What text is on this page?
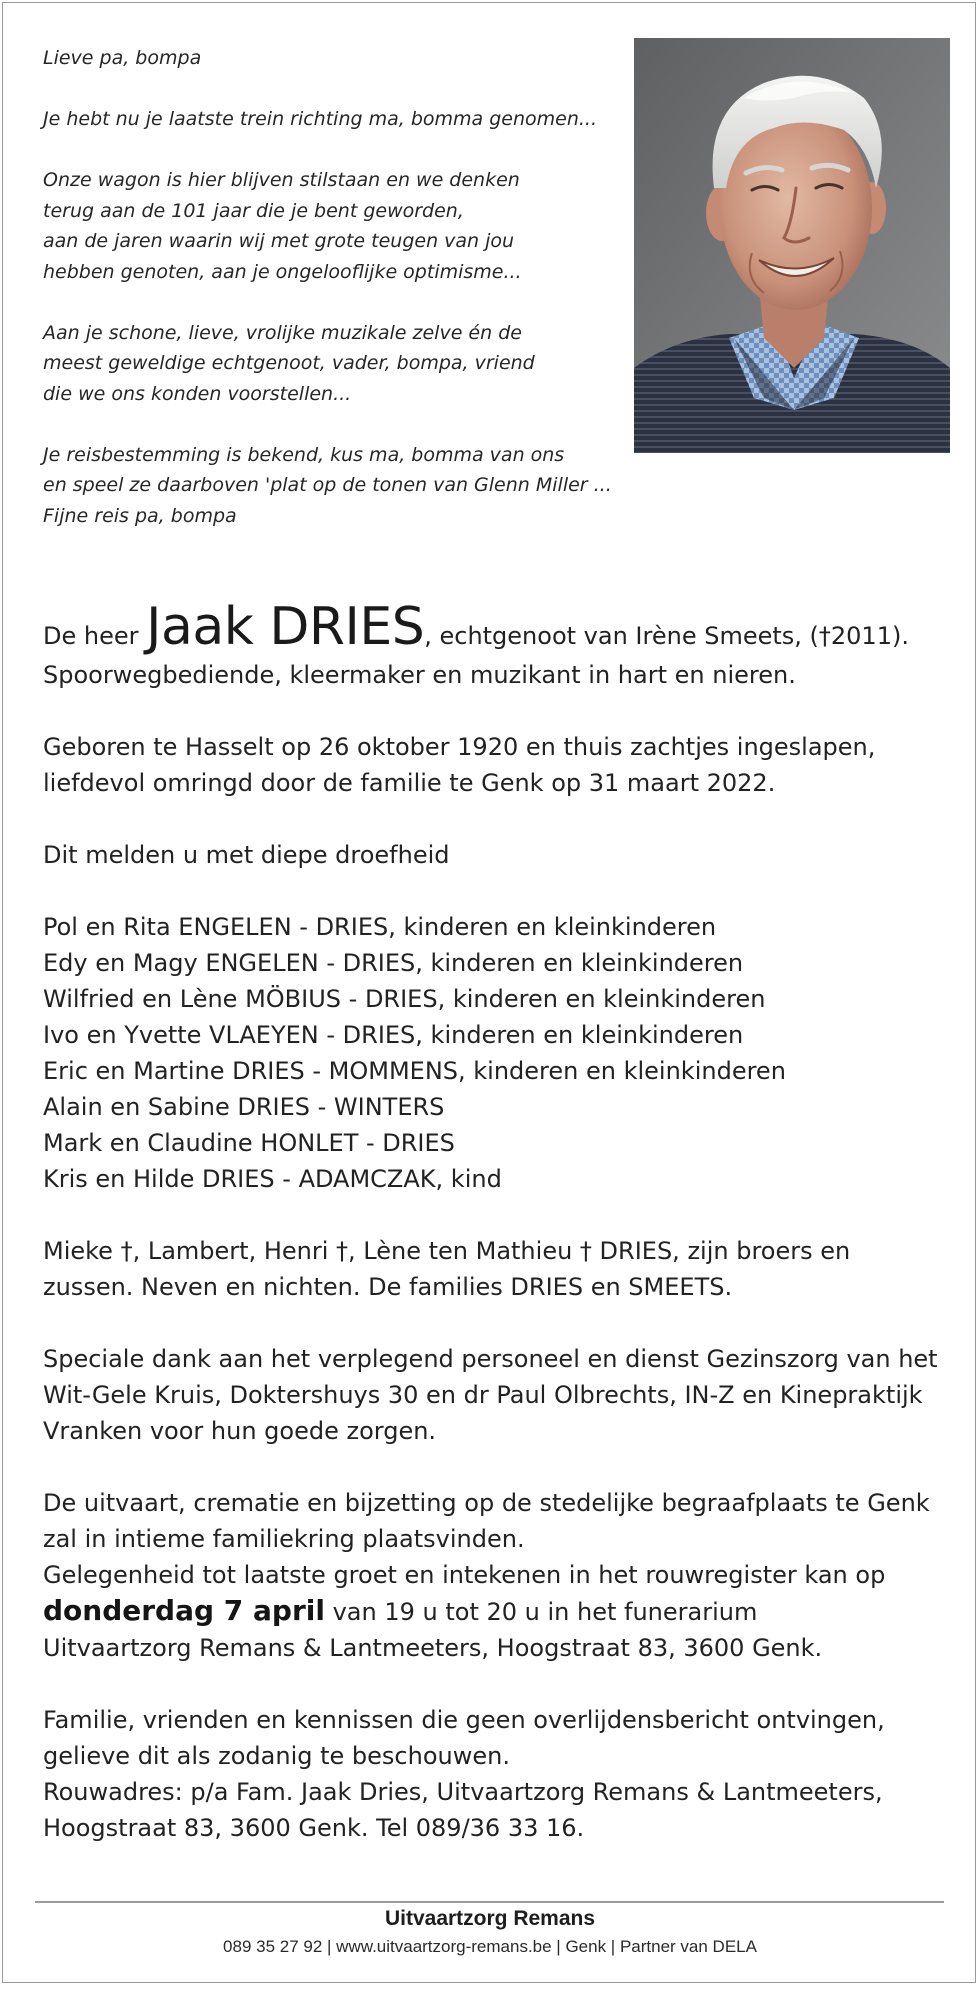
Lieve pa, bompa

Je hebt nu je laatste trein richting ma, bomma genomen...

Onze wagon is hier blijven stilstaan en we denken
terug aan de 101 jaar die je bent geworden,
aan de jaren waarin wij met grote teugen van jou
hebben genoten, aan je ongelooflijke optimisme...

Aan je schone, lieve, vrolijke muzikale zelve én de
meest geweldige echtgenoot, vader, bompa, vriend
die we ons konden voorstellen...

Je reisbestemming is bekend, kus ma, bomma van ons
en speel ze daarboven 'plat op de tonen van Glenn Miller ...
Fijne reis pa, bompa

De heer Jaak DRIES, echtgenoot van Irène Smeets, (†2011).
Spoorwegbediende, kleermaker en muzikant in hart en nieren.
Geboren te Hasselt op 26 oktober 1920 en thuis zachtjes ingeslapen,
liefdevol omringd door de familie te Genk op 31 maart 2022.
Dit melden u met diepe droefheid
Pol en Rita ENGELEN - DRIES, kinderen en kleinkinderen
Edy en Magy ENGELEN - DRIES, kinderen en kleinkinderen
Wilfried en Lène MÖBIUS - DRIES, kinderen en kleinkinderen
Ivo en Yvette VLAEYEN - DRIES, kinderen en kleinkinderen
Eric en Martine DRIES - MOMMENS, kinderen en kleinkinderen
Alain en Sabine DRIES - WINTERS
Mark en Claudine HONLET - DRIES
Kris en Hilde DRIES - ADAMCZAK, kind
Mieke †, Lambert, Henri †, Lène ten Mathieu † DRIES, zijn broers en
zussen. Neven en nichten. De families DRIES en SMEETS.
Speciale dank aan het verplegend personeel en dienst Gezinszorg van het
Wit-Gele Kruis, Doktershuys 30 en dr Paul Olbrechts, IN-Z en Kinepraktijk
Vranken voor hun goede zorgen.
De uitvaart, crematie en bijzetting op de stedelijke begraafplaats te Genk
zal in intieme familiekring plaatsvinden.
Gelegenheid tot laatste groet en intekenen in het rouwregister kan op
donderdag 7 april van 19 u tot 20 u in het funerarium
Uitvaartzorg Remans & Lantmeeters, Hoogstraat 83, 3600 Genk.
Familie, vrienden en kennissen die geen overlijdensbericht ontvingen,
gelieve dit als zodanig te beschouwen.
Rouwadres: p/a Fam. Jaak Dries, Uitvaartzorg Remans & Lantmeeters,
Hoogstraat 83, 3600 Genk. Tel 089/36 33 16.
Uitvaartzorg Remans
089 35 27 92 | www.uitvaartzorg-remans.be | Genk | Partner van DELA
